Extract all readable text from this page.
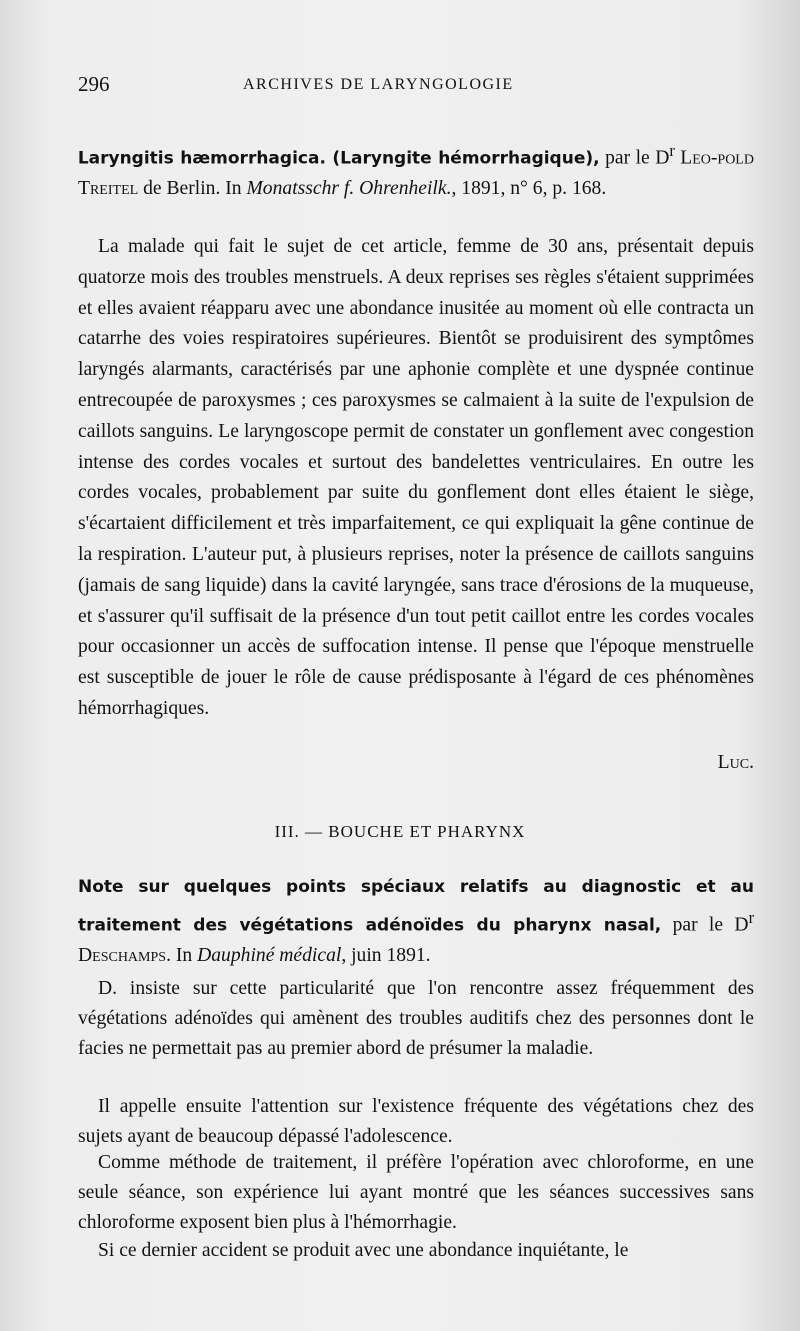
296	ARCHIVES DE LARYNGOLOGIE
Laryngitis hæmorrhagica. (Laryngite hémorrhagique), par le $D^r$ Leo-pold Treitel de Berlin. In Monatsschr f. Ohrenheilk., 1891, n° 6, p. 168.
La malade qui fait le sujet de cet article, femme de 30 ans, présentait depuis quatorze mois des troubles menstruels. A deux reprises ses règles s'étaient supprimées et elles avaient réapparu avec une abondance inusitée au moment où elle contracta un catarrhe des voies respiratoires supérieures. Bientôt se produisirent des symptômes laryngés alarmants, caractérisés par une aphonie complète et une dyspnée continue entrecoupée de paroxysmes ; ces paroxysmes se calmaient à la suite de l'expulsion de caillots sanguins. Le laryngoscope permit de constater un gonflement avec congestion intense des cordes vocales et surtout des bandelettes ventriculaires. En outre les cordes vocales, probablement par suite du gonflement dont elles étaient le siège, s'écartaient difficilement et très imparfaitement, ce qui expliquait la gêne continue de la respiration. L'auteur put, à plusieurs reprises, noter la présence de caillots sanguins (jamais de sang liquide) dans la cavité laryngée, sans trace d'érosions de la muqueuse, et s'assurer qu'il suffisait de la présence d'un tout petit caillot entre les cordes vocales pour occasionner un accès de suffocation intense. Il pense que l'époque menstruelle est susceptible de jouer le rôle de cause prédisposante à l'égard de ces phénomènes hémorrhagiques.
Luc.
III. — BOUCHE ET PHARYNX
Note sur quelques points spéciaux relatifs au diagnostic et au traitement des végétations adénoïdes du pharynx nasal, par le $D^r$ Deschamps. In Dauphiné médical, juin 1891.
D. insiste sur cette particularité que l'on rencontre assez fréquemment des végétations adénoïdes qui amènent des troubles auditifs chez des personnes dont le facies ne permettait pas au premier abord de présumer la maladie.
Il appelle ensuite l'attention sur l'existence fréquente des végétations chez des sujets ayant de beaucoup dépassé l'adolescence.
Comme méthode de traitement, il préfère l'opération avec chloroforme, en une seule séance, son expérience lui ayant montré que les séances successives sans chloroforme exposent bien plus à l'hémorrhagie.
Si ce dernier accident se produit avec une abondance inquiétante, le
